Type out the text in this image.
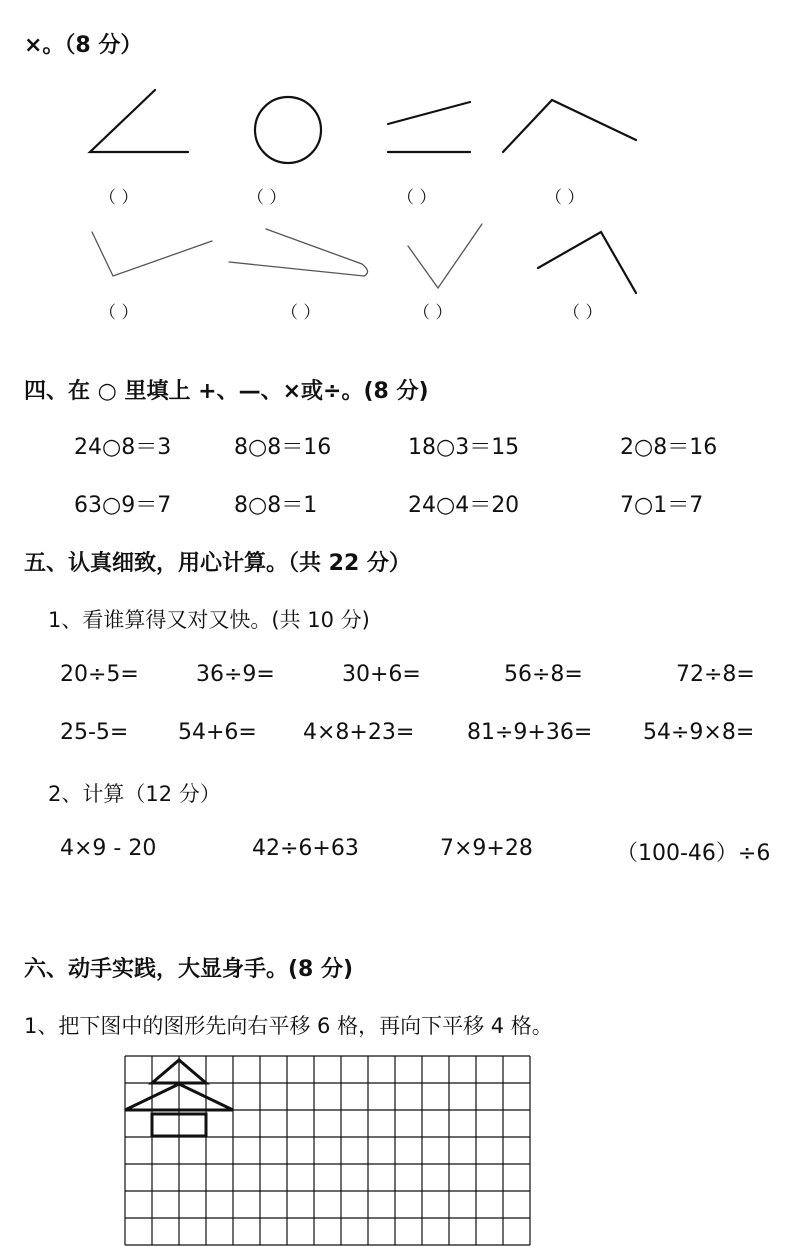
×。（8 分）
（ ）	（ ）	（ ）	（ ）
（ ）	（ ）	（ ）	（ ）
四、在 ○ 里填上 +、—、×或÷。(8 分)
24○8＝3	8○8＝16	18○3＝15	2○8＝16
63○9＝7	8○8＝1	24○4＝20	7○1＝7
五、认真细致，用心计算。（共 22 分）
1、看谁算得又对又快。(共 10 分)
20÷5=	36÷9=	30+6=	56÷8=	72÷8=
25-5= 54+6= 4×8+23= 81÷9+36= 54÷9×8=
2、计算（12 分）
4×9 - 20	42÷6+63	7×9+28	（100-46）÷6
六、动手实践，大显身手。(8 分)
1、把下图中的图形先向右平移 6 格，再向下平移 4 格。
